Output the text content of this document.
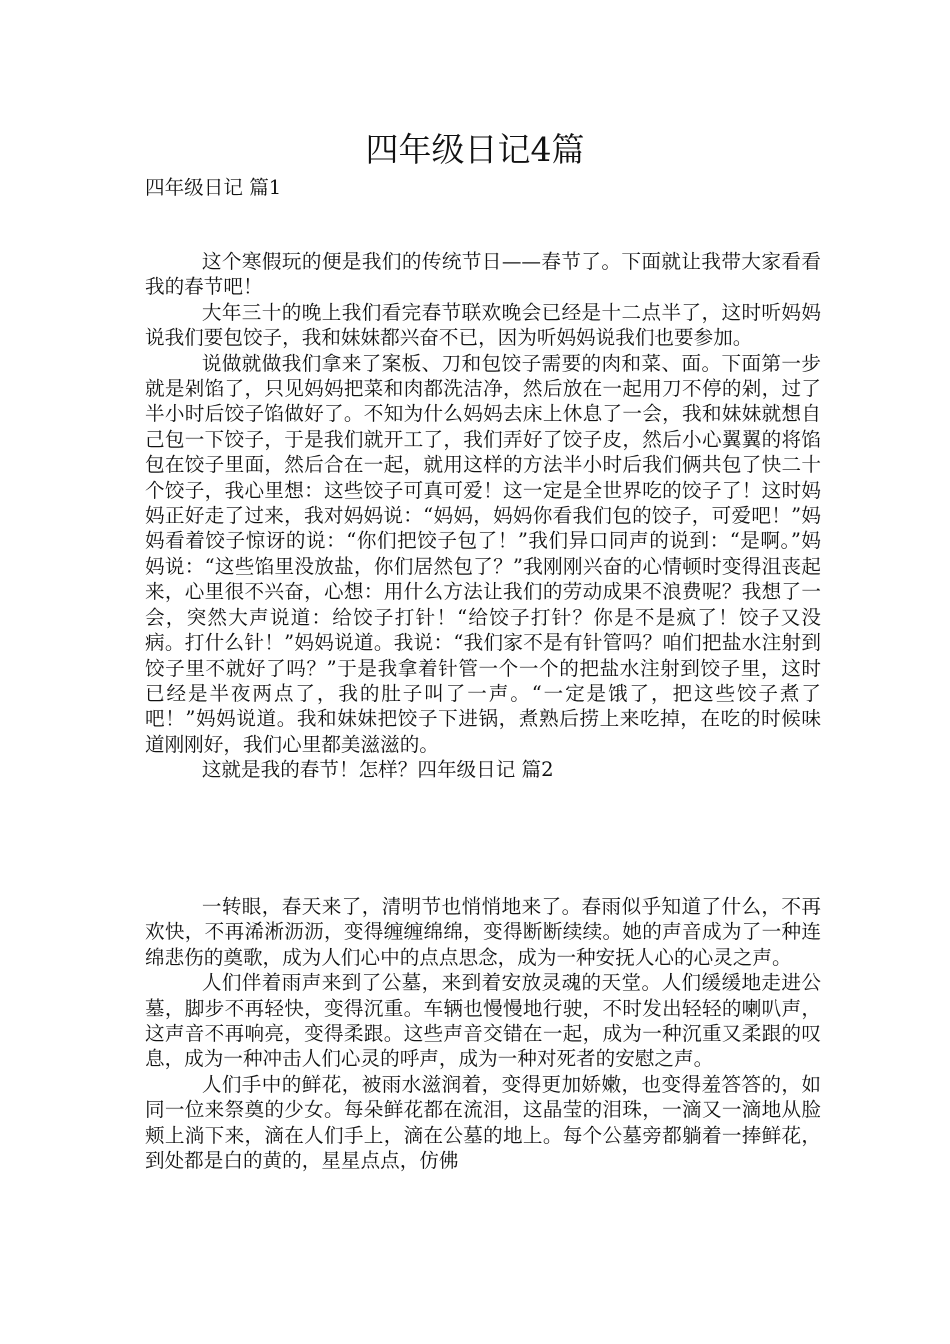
四年级日记4篇

四年级日记 篇1

这个寒假玩的便是我们的传统节日——春节了。下面就让我带大家看看我的春节吧！

大年三十的晚上我们看完春节联欢晚会已经是十二点半了，这时听妈妈说我们要包饺子，我和妹妹都兴奋不已，因为听妈妈说我们也要参加。

说做就做我们拿来了案板、刀和包饺子需要的肉和菜、面。下面第一步就是剁馅了，只见妈妈把菜和肉都洗洁净，然后放在一起用刀不停的剁，过了半小时后饺子馅做好了。不知为什么妈妈去床上休息了一会，我和妹妹就想自己包一下饺子，于是我们就开工了，我们弄好了饺子皮，然后小心翼翼的将馅包在饺子里面，然后合在一起，就用这样的方法半小时后我们俩共包了快二十个饺子，我心里想：这些饺子可真可爱！这一定是全世界吃的饺子了！这时妈妈正好走了过来，我对妈妈说：“妈妈，妈妈你看我们包的饺子，可爱吧！”妈妈看着饺子惊讶的说：“你们把饺子包了！”我们异口同声的说到：“是啊。”妈妈说：“这些馅里没放盐，你们居然包了？”我刚刚兴奋的心情顿时变得沮丧起来，心里很不兴奋，心想：用什么方法让我们的劳动成果不浪费呢？我想了一会，突然大声说道：给饺子打针！“给饺子打针？你是不是疯了！饺子又没病。打什么针！”妈妈说道。我说：“我们家不是有针管吗？咱们把盐水注射到饺子里不就好了吗？”于是我拿着针管一个一个的把盐水注射到饺子里，这时已经是半夜两点了，我的肚子叫了一声。“一定是饿了，把这些饺子煮了吧！”妈妈说道。我和妹妹把饺子下进锅，煮熟后捞上来吃掉，在吃的时候味道刚刚好，我们心里都美滋滋的。

这就是我的春节！怎样？四年级日记 篇2

一转眼，春天来了，清明节也悄悄地来了。春雨似乎知道了什么，不再欢快，不再浠淅沥沥，变得缠缠绵绵，变得断断续续。她的声音成为了一种连绵悲伤的奠歌，成为人们心中的点点思念，成为一种安抚人心的心灵之声。

人们伴着雨声来到了公墓，来到着安放灵魂的天堂。人们缓缓地走进公墓，脚步不再轻快，变得沉重。车辆也慢慢地行驶，不时发出轻轻的喇叭声，这声音不再响亮，变得柔跟。这些声音交错在一起，成为一种沉重又柔跟的叹息，成为一种冲击人们心灵的呼声，成为一种对死者的安慰之声。

人们手中的鲜花，被雨水滋润着，变得更加娇嫩，也变得羞答答的，如同一位来祭奠的少女。每朵鲜花都在流泪，这晶莹的泪珠，一滴又一滴地从脸颊上淌下来，滴在人们手上，滴在公墓的地上。每个公墓旁都躺着一捧鲜花，到处都是白的黄的，星星点点，仿佛
